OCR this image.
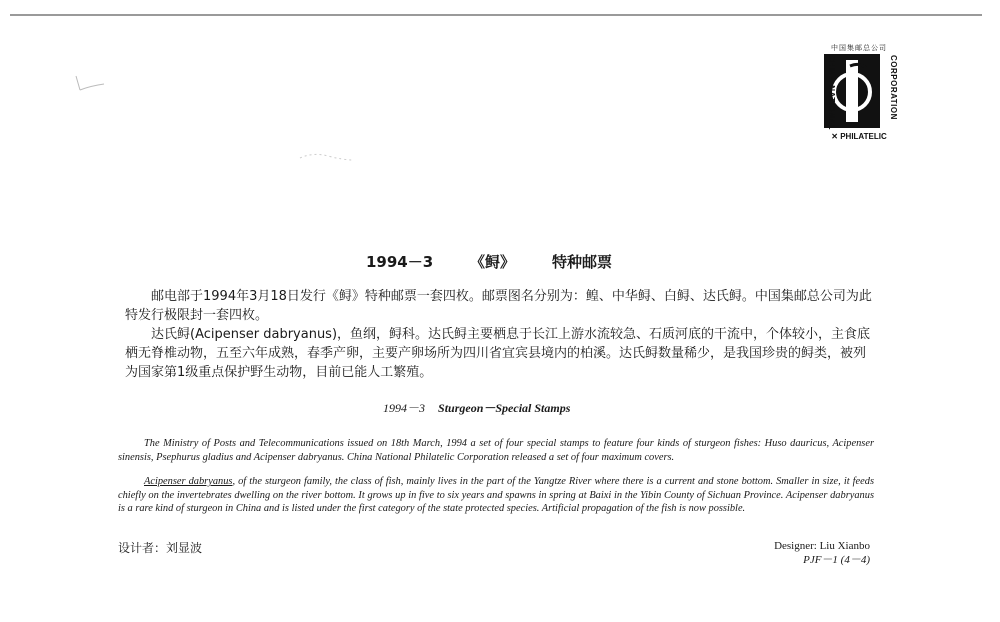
中国集邮总公司
CHINA NATIONAL	CORPORATION
✕ PHILATELIC
1994－3 《鲟》 特种邮票
邮电部于1994年3月18日发行《鲟》特种邮票一套四枚。邮票图名分别为：鳇、中华鲟、白鲟、达氏鲟。中国集邮总公司为此特发行极限封一套四枚。
达氏鲟(Acipenser dabryanus)，鱼纲，鲟科。达氏鲟主要栖息于长江上游水流较急、石质河底的干流中，个体较小，主食底栖无脊椎动物，五至六年成熟，春季产卵，主要产卵场所为四川省宜宾县境内的柏溪。达氏鲟数量稀少，是我国珍贵的鲟类，被列为国家第1级重点保护野生动物，目前已能人工繁殖。
1994－3 Sturgeon－Special Stamps
The Ministry of Posts and Telecommunications issued on 18th March, 1994 a set of four special stamps to feature four kinds of sturgeon fishes: Huso dauricus, Acipenser sinensis, Psephurus gladius and Acipenser dabryanus. China National Philatelic Corporation released a set of four maximum covers.
Acipenser dabryanus, of the sturgeon family, the class of fish, mainly lives in the part of the Yangtze River where there is a current and stone bottom. Smaller in size, it feeds chiefly on the invertebrates dwelling on the river bottom. It grows up in five to six years and spawns in spring at Baixi in the Yibin County of Sichuan Province. Acipenser dabryanus is a rare kind of sturgeon in China and is listed under the first category of the state protected species. Artificial propagation of the fish is now possible.
设计者：刘显波	Designer: Liu Xianbo
PJF－1 (4－4)
